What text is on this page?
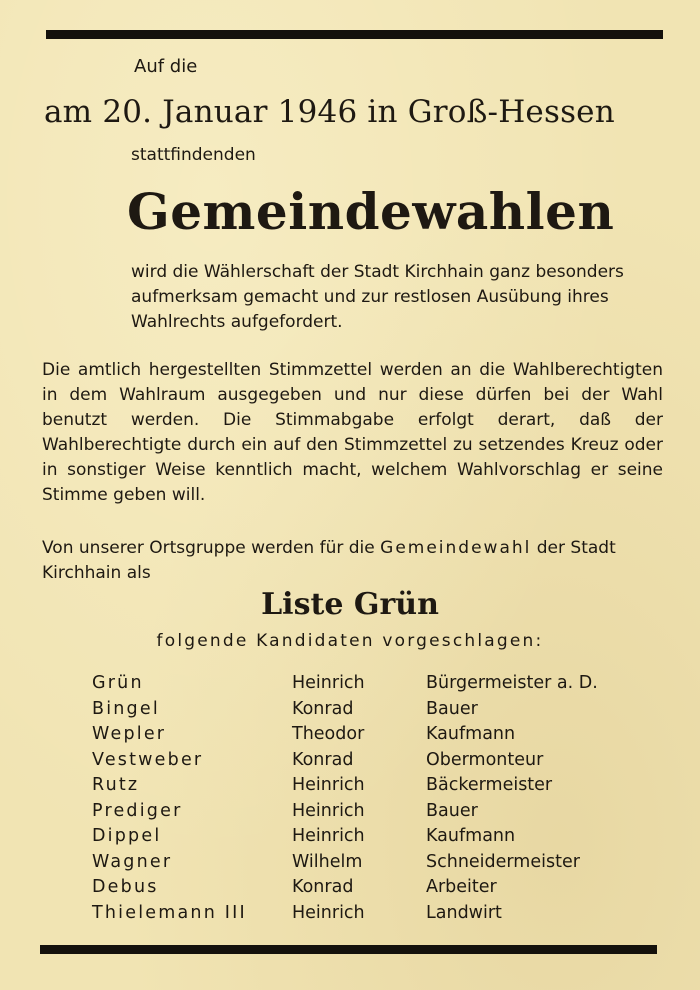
Auf die

am 20. Januar 1946 in Groß-Hessen

stattfindenden

Gemeindewahlen

wird die Wählerschaft der Stadt Kirchhain ganz besonders aufmerksam gemacht und zur restlosen Ausübung ihres Wahlrechts aufgefordert.

Die amtlich hergestellten Stimmzettel werden an die Wahlberechtigten in dem Wahlraum ausgegeben und nur diese dürfen bei der Wahl benutzt werden. Die Stimmabgabe erfolgt derart, daß der Wahlberechtigte durch ein auf den Stimmzettel zu setzendes Kreuz oder in sonstiger Weise kenntlich macht, welchem Wahlvorschlag er seine Stimme geben will.

Von unserer Ortsgruppe werden für die Gemeindewahl der Stadt Kirchhain als

Liste Grün

folgende Kandidaten vorgeschlagen:

Grün	Heinrich	Bürgermeister a. D.
Bingel	Konrad	Bauer
Wepler	Theodor	Kaufmann
Vestweber	Konrad	Obermonteur
Rutz	Heinrich	Bäckermeister
Prediger	Heinrich	Bauer
Dippel	Heinrich	Kaufmann
Wagner	Wilhelm	Schneidermeister
Debus	Konrad	Arbeiter
Thielemann III	Heinrich	Landwirt
